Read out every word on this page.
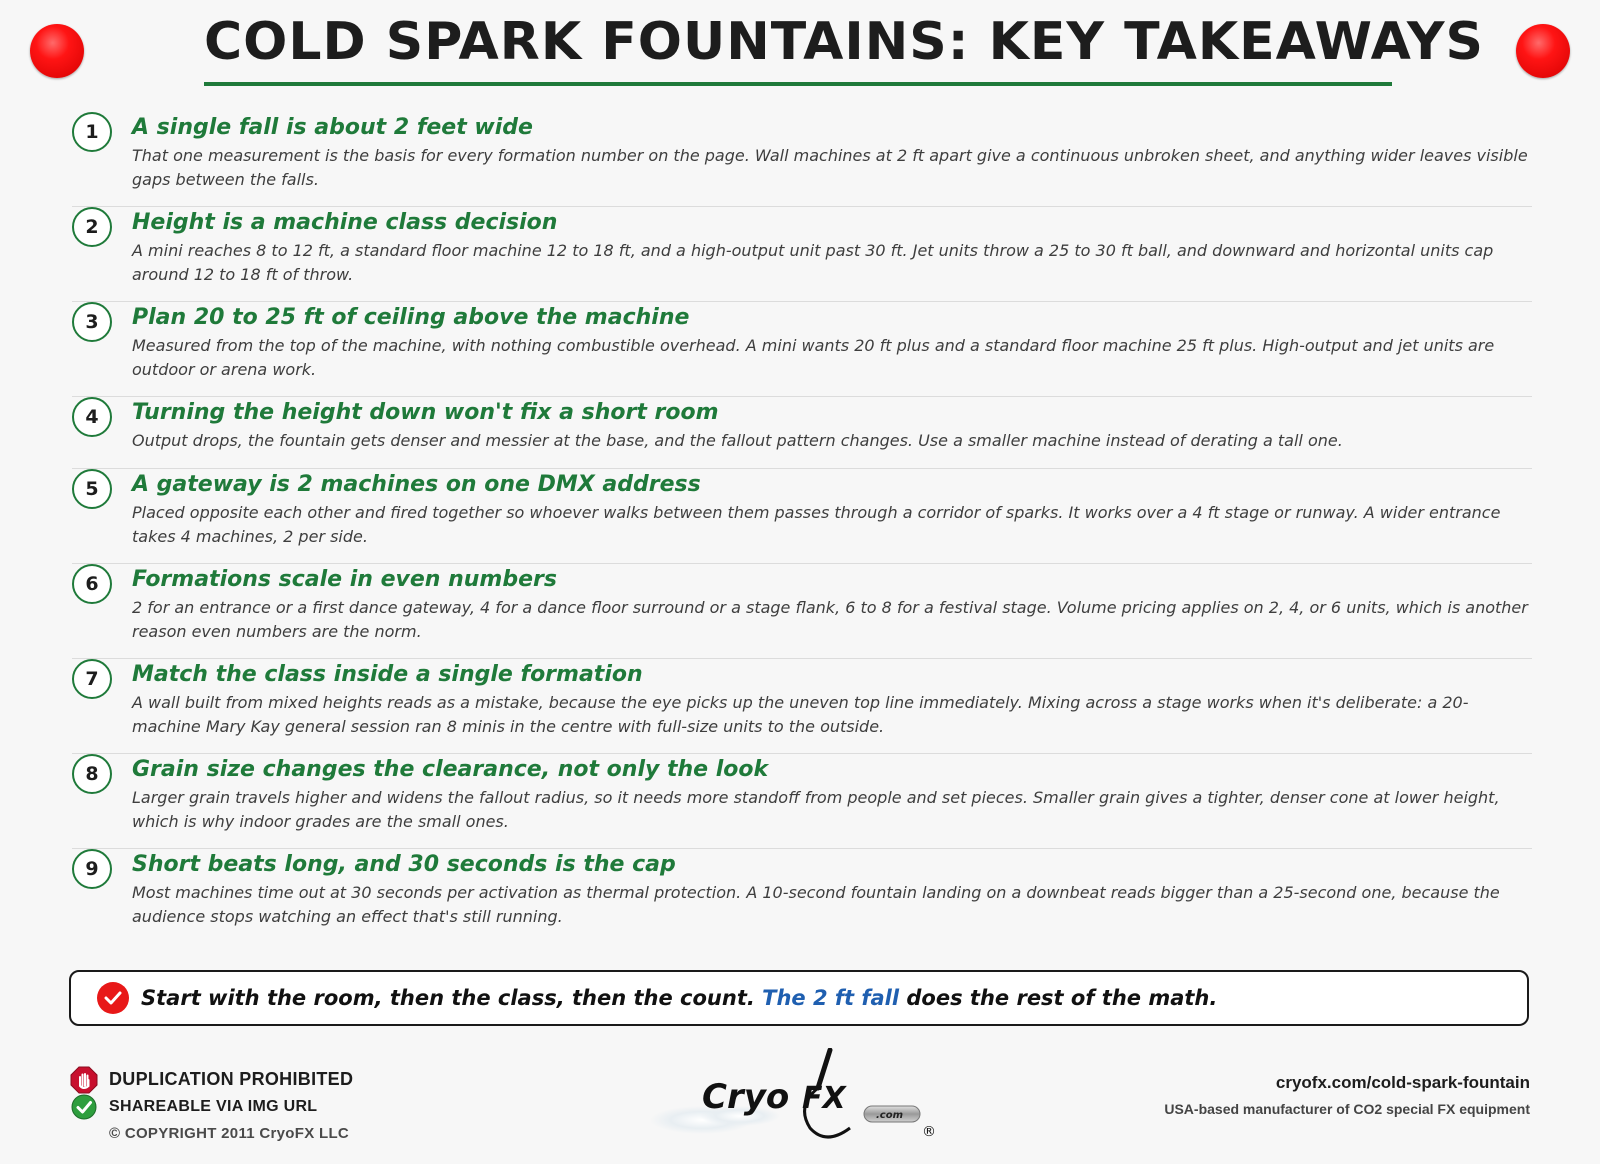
COLD SPARK FOUNTAINS: KEY TAKEAWAYS
1	A single fall is about 2 feet wide
That one measurement is the basis for every formation number on the page. Wall machines at 2 ft apart give a continuous unbroken sheet, and anything wider leaves visible gaps between the falls.
2	Height is a machine class decision
A mini reaches 8 to 12 ft, a standard floor machine 12 to 18 ft, and a high-output unit past 30 ft. Jet units throw a 25 to 30 ft ball, and downward and horizontal units cap around 12 to 18 ft of throw.
3	Plan 20 to 25 ft of ceiling above the machine
Measured from the top of the machine, with nothing combustible overhead. A mini wants 20 ft plus and a standard floor machine 25 ft plus. High-output and jet units are outdoor or arena work.
4	Turning the height down won't fix a short room
Output drops, the fountain gets denser and messier at the base, and the fallout pattern changes. Use a smaller machine instead of derating a tall one.
5	A gateway is 2 machines on one DMX address
Placed opposite each other and fired together so whoever walks between them passes through a corridor of sparks. It works over a 4 ft stage or runway. A wider entrance takes 4 machines, 2 per side.
6	Formations scale in even numbers
2 for an entrance or a first dance gateway, 4 for a dance floor surround or a stage flank, 6 to 8 for a festival stage. Volume pricing applies on 2, 4, or 6 units, which is another reason even numbers are the norm.
7	Match the class inside a single formation
A wall built from mixed heights reads as a mistake, because the eye picks up the uneven top line immediately. Mixing across a stage works when it's deliberate: a 20-machine Mary Kay general session ran 8 minis in the centre with full-size units to the outside.
8	Grain size changes the clearance, not only the look
Larger grain travels higher and widens the fallout radius, so it needs more standoff from people and set pieces. Smaller grain gives a tighter, denser cone at lower height, which is why indoor grades are the small ones.
9	Short beats long, and 30 seconds is the cap
Most machines time out at 30 seconds per activation as thermal protection. A 10-second fountain landing on a downbeat reads bigger than a 25-second one, because the audience stops watching an effect that's still running.
Start with the room, then the class, then the count. The 2 ft fall does the rest of the math.
DUPLICATION PROHIBITED
SHAREABLE VIA IMG URL
© COPYRIGHT 2011 CryoFX LLC
Cryo FX	.com
®
cryofx.com/cold-spark-fountain
USA-based manufacturer of CO2 special FX equipment
